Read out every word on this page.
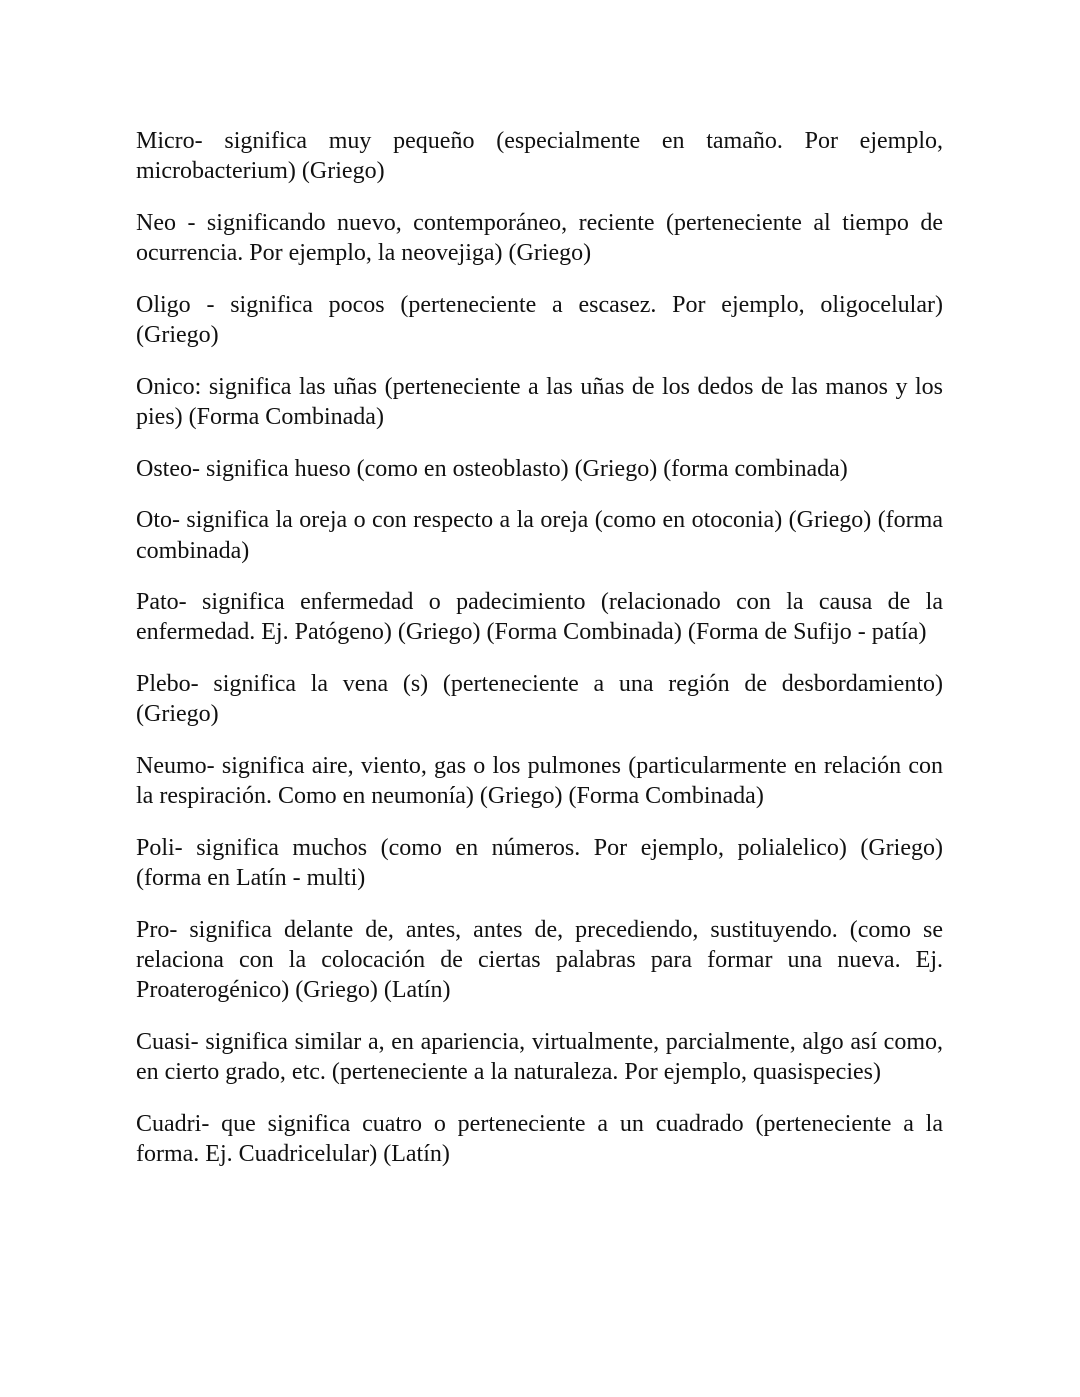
Micro- significa muy pequeño (especialmente en tamaño. Por ejemplo, microbacterium) (Griego)

Neo - significando nuevo, contemporáneo, reciente (perteneciente al tiempo de ocurrencia. Por ejemplo, la neovejiga) (Griego)

Oligo - significa pocos (perteneciente a escasez. Por ejemplo, oligocelular) (Griego)

Onico: significa las uñas (perteneciente a las uñas de los dedos de las manos y los pies) (Forma Combinada)

Osteo- significa hueso (como en osteoblasto) (Griego) (forma combinada)

Oto- significa la oreja o con respecto a la oreja (como en otoconia) (Griego) (forma combinada)

Pato- significa enfermedad o padecimiento (relacionado con la causa de la enfermedad. Ej. Patógeno) (Griego) (Forma Combinada) (Forma de Sufijo - patía)

Plebo- significa la vena (s) (perteneciente a una región de desbordamiento) (Griego)

Neumo- significa aire, viento, gas o los pulmones (particularmente en relación con la respiración. Como en neumonía) (Griego) (Forma Combinada)

Poli- significa muchos (como en números. Por ejemplo, polialelico) (Griego) (forma en Latín - multi)

Pro- significa delante de, antes, antes de, precediendo, sustituyendo. (como se relaciona con la colocación de ciertas palabras para formar una nueva. Ej. Proaterogénico) (Griego) (Latín)

Cuasi- significa similar a, en apariencia, virtualmente, parcialmente, algo así como, en cierto grado, etc. (perteneciente a la naturaleza. Por ejemplo, quasispecies)

Cuadri- que significa cuatro o perteneciente a un cuadrado (perteneciente a la forma. Ej. Cuadricelular) (Latín)
